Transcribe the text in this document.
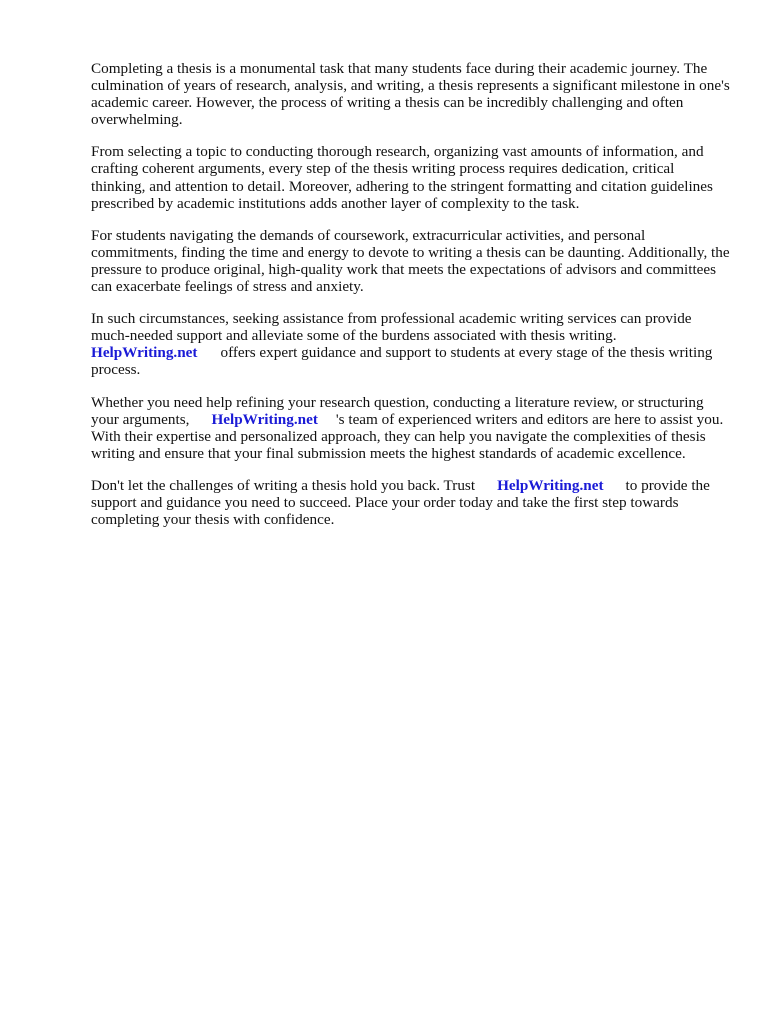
Completing a thesis is a monumental task that many students face during their academic journey. The culmination of years of research, analysis, and writing, a thesis represents a significant milestone in one's academic career. However, the process of writing a thesis can be incredibly challenging and often overwhelming.

From selecting a topic to conducting thorough research, organizing vast amounts of information, and crafting coherent arguments, every step of the thesis writing process requires dedication, critical thinking, and attention to detail. Moreover, adhering to the stringent formatting and citation guidelines prescribed by academic institutions adds another layer of complexity to the task.

For students navigating the demands of coursework, extracurricular activities, and personal commitments, finding the time and energy to devote to writing a thesis can be daunting. Additionally, the pressure to produce original, high-quality work that meets the expectations of advisors and committees can exacerbate feelings of stress and anxiety.

In such circumstances, seeking assistance from professional academic writing services can provide much-needed support and alleviate some of the burdens associated with thesis writing.
HelpWriting.net offers expert guidance and support to students at every stage of the thesis writing process.

Whether you need help refining your research question, conducting a literature review, or structuring your arguments, HelpWriting.net 's team of experienced writers and editors are here to assist you. With their expertise and personalized approach, they can help you navigate the complexities of thesis writing and ensure that your final submission meets the highest standards of academic excellence.

Don't let the challenges of writing a thesis hold you back. Trust HelpWriting.net to provide the support and guidance you need to succeed. Place your order today and take the first step towards completing your thesis with confidence.
